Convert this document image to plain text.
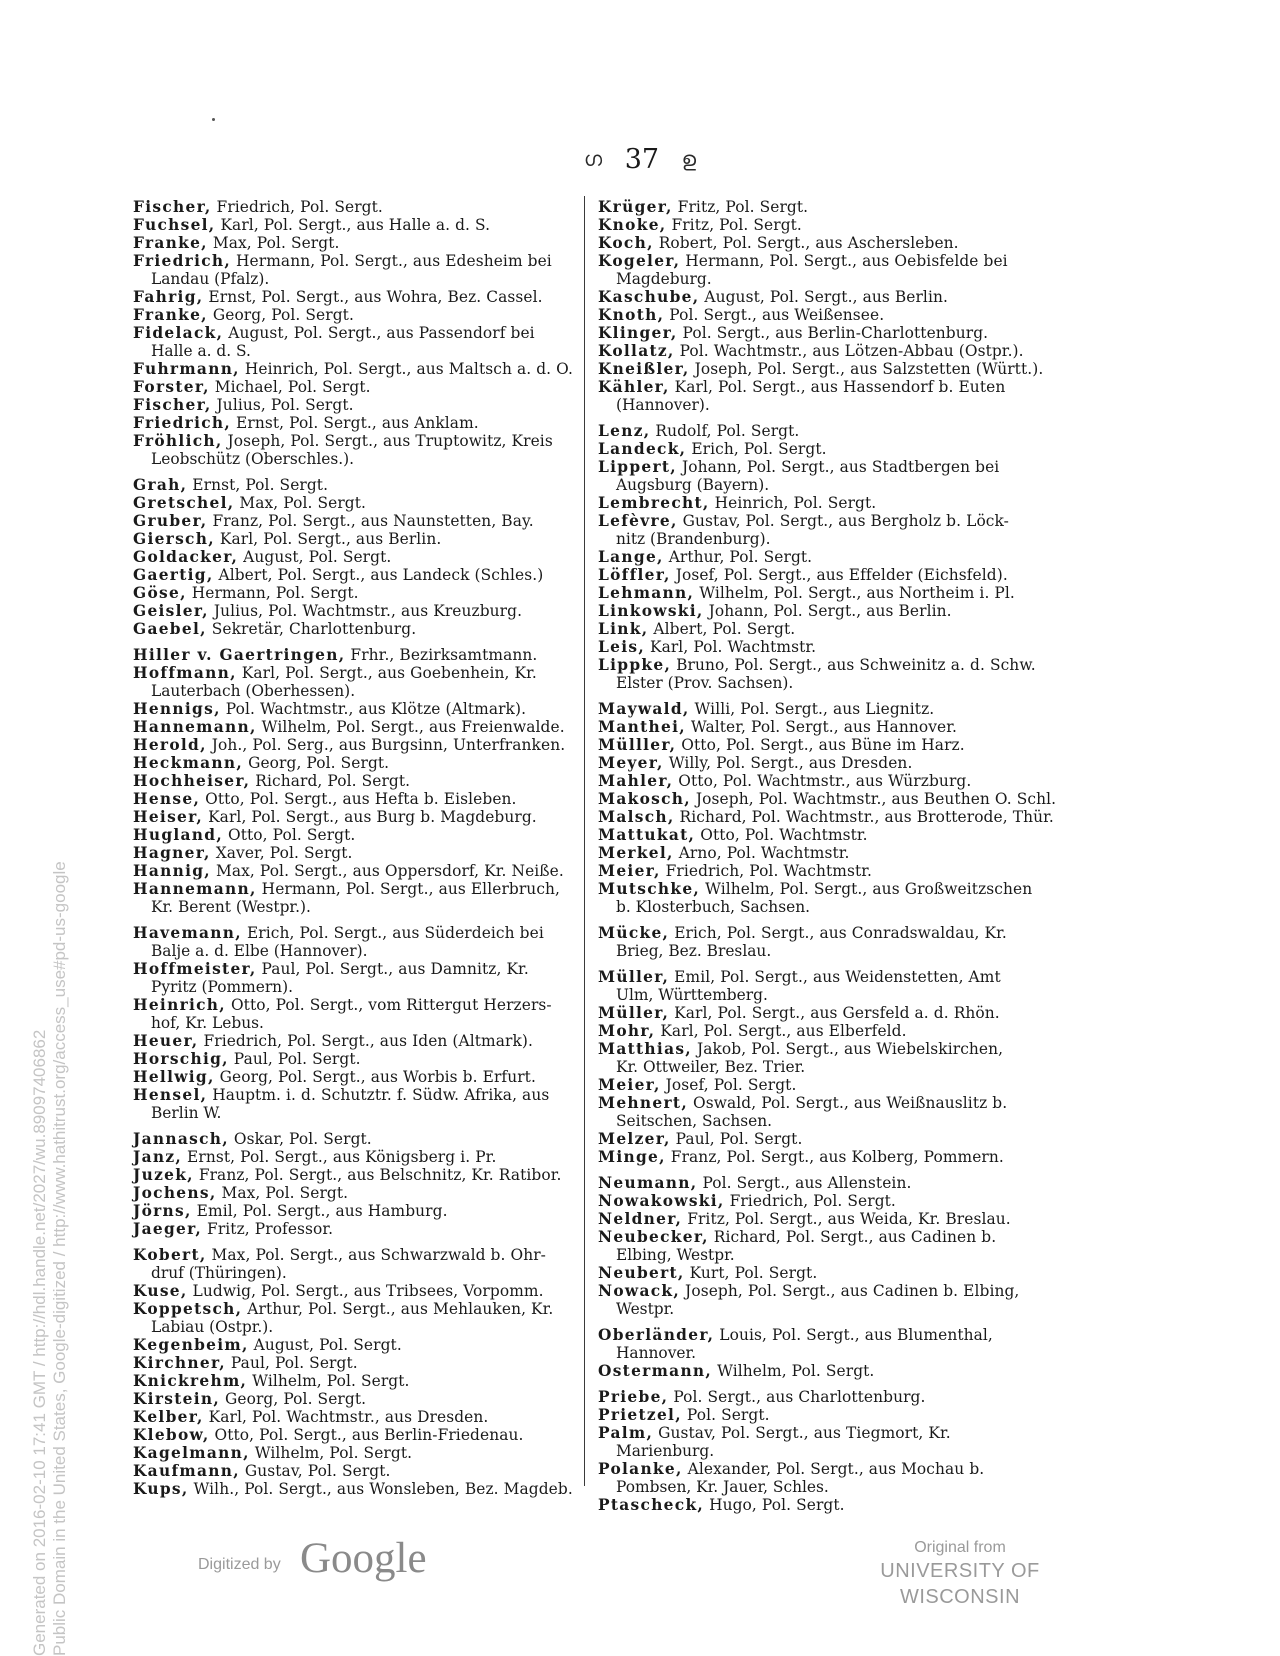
ഗ 37 ഉ
Fischer, Friedrich, Pol. Sergt.
Fuchsel, Karl, Pol. Sergt., aus Halle a. d. S.
Franke, Max, Pol. Sergt.
Friedrich, Hermann, Pol. Sergt., aus Edesheim bei
Landau (Pfalz).
Fahrig, Ernst, Pol. Sergt., aus Wohra, Bez. Cassel.
Franke, Georg, Pol. Sergt.
Fidelack, August, Pol. Sergt., aus Passendorf bei
Halle a. d. S.
Fuhrmann, Heinrich, Pol. Sergt., aus Maltsch a. d. O.
Forster, Michael, Pol. Sergt.
Fischer, Julius, Pol. Sergt.
Friedrich, Ernst, Pol. Sergt., aus Anklam.
Fröhlich, Joseph, Pol. Sergt., aus Truptowitz, Kreis
Leobschütz (Oberschles.).
Grah, Ernst, Pol. Sergt.
Gretschel, Max, Pol. Sergt.
Gruber, Franz, Pol. Sergt., aus Naunstetten, Bay.
Giersch, Karl, Pol. Sergt., aus Berlin.
Goldacker, August, Pol. Sergt.
Gaertig, Albert, Pol. Sergt., aus Landeck (Schles.)
Göse, Hermann, Pol. Sergt.
Geisler, Julius, Pol. Wachtmstr., aus Kreuzburg.
Gaebel, Sekretär, Charlottenburg.
Hiller v. Gaertringen, Frhr., Bezirksamtmann.
Hoffmann, Karl, Pol. Sergt., aus Goebenhein, Kr.
Lauterbach (Oberhessen).
Hennigs, Pol. Wachtmstr., aus Klötze (Altmark).
Hannemann, Wilhelm, Pol. Sergt., aus Freienwalde.
Herold, Joh., Pol. Serg., aus Burgsinn, Unterfranken.
Heckmann, Georg, Pol. Sergt.
Hochheiser, Richard, Pol. Sergt.
Hense, Otto, Pol. Sergt., aus Hefta b. Eisleben.
Heiser, Karl, Pol. Sergt., aus Burg b. Magdeburg.
Hugland, Otto, Pol. Sergt.
Hagner, Xaver, Pol. Sergt.
Hannig, Max, Pol. Sergt., aus Oppersdorf, Kr. Neiße.
Hannemann, Hermann, Pol. Sergt., aus Ellerbruch,
Kr. Berent (Westpr.).
Havemann, Erich, Pol. Sergt., aus Süderdeich bei
Balje a. d. Elbe (Hannover).
Hoffmeister, Paul, Pol. Sergt., aus Damnitz, Kr.
Pyritz (Pommern).
Heinrich, Otto, Pol. Sergt., vom Rittergut Herzers-
hof, Kr. Lebus.
Heuer, Friedrich, Pol. Sergt., aus Iden (Altmark).
Horschig, Paul, Pol. Sergt.
Hellwig, Georg, Pol. Sergt., aus Worbis b. Erfurt.
Hensel, Hauptm. i. d. Schutztr. f. Südw. Afrika, aus
Berlin W.
Jannasch, Oskar, Pol. Sergt.
Janz, Ernst, Pol. Sergt., aus Königsberg i. Pr.
Juzek, Franz, Pol. Sergt., aus Belschnitz, Kr. Ratibor.
Jochens, Max, Pol. Sergt.
Jörns, Emil, Pol. Sergt., aus Hamburg.
Jaeger, Fritz, Professor.
Kobert, Max, Pol. Sergt., aus Schwarzwald b. Ohr-
druf (Thüringen).
Kuse, Ludwig, Pol. Sergt., aus Tribsees, Vorpomm.
Koppetsch, Arthur, Pol. Sergt., aus Mehlauken, Kr.
Labiau (Ostpr.).
Kegenbeim, August, Pol. Sergt.
Kirchner, Paul, Pol. Sergt.
Knickrehm, Wilhelm, Pol. Sergt.
Kirstein, Georg, Pol. Sergt.
Kelber, Karl, Pol. Wachtmstr., aus Dresden.
Klebow, Otto, Pol. Sergt., aus Berlin-Friedenau.
Kagelmann, Wilhelm, Pol. Sergt.
Kaufmann, Gustav, Pol. Sergt.
Kups, Wilh., Pol. Sergt., aus Wonsleben, Bez. Magdeb.
Krüger, Fritz, Pol. Sergt.
Knoke, Fritz, Pol. Sergt.
Koch, Robert, Pol. Sergt., aus Aschersleben.
Kogeler, Hermann, Pol. Sergt., aus Oebisfelde bei
Magdeburg.
Kaschube, August, Pol. Sergt., aus Berlin.
Knoth, Pol. Sergt., aus Weißensee.
Klinger, Pol. Sergt., aus Berlin-Charlottenburg.
Kollatz, Pol. Wachtmstr., aus Lötzen-Abbau (Ostpr.).
Kneißler, Joseph, Pol. Sergt., aus Salzstetten (Württ.).
Kähler, Karl, Pol. Sergt., aus Hassendorf b. Euten
(Hannover).
Lenz, Rudolf, Pol. Sergt.
Landeck, Erich, Pol. Sergt.
Lippert, Johann, Pol. Sergt., aus Stadtbergen bei
Augsburg (Bayern).
Lembrecht, Heinrich, Pol. Sergt.
Lefèvre, Gustav, Pol. Sergt., aus Bergholz b. Löck-
nitz (Brandenburg).
Lange, Arthur, Pol. Sergt.
Löffler, Josef, Pol. Sergt., aus Effelder (Eichsfeld).
Lehmann, Wilhelm, Pol. Sergt., aus Northeim i. Pl.
Linkowski, Johann, Pol. Sergt., aus Berlin.
Link, Albert, Pol. Sergt.
Leis, Karl, Pol. Wachtmstr.
Lippke, Bruno, Pol. Sergt., aus Schweinitz a. d. Schw.
Elster (Prov. Sachsen).
Maywald, Willi, Pol. Sergt., aus Liegnitz.
Manthei, Walter, Pol. Sergt., aus Hannover.
Mülller, Otto, Pol. Sergt., aus Büne im Harz.
Meyer, Willy, Pol. Sergt., aus Dresden.
Mahler, Otto, Pol. Wachtmstr., aus Würzburg.
Makosch, Joseph, Pol. Wachtmstr., aus Beuthen O. Schl.
Malsch, Richard, Pol. Wachtmstr., aus Brotterode, Thür.
Mattukat, Otto, Pol. Wachtmstr.
Merkel, Arno, Pol. Wachtmstr.
Meier, Friedrich, Pol. Wachtmstr.
Mutschke, Wilhelm, Pol. Sergt., aus Großweitzschen
b. Klosterbuch, Sachsen.
Mücke, Erich, Pol. Sergt., aus Conradswaldau, Kr.
Brieg, Bez. Breslau.
Müller, Emil, Pol. Sergt., aus Weidenstetten, Amt
Ulm, Württemberg.
Müller, Karl, Pol. Sergt., aus Gersfeld a. d. Rhön.
Mohr, Karl, Pol. Sergt., aus Elberfeld.
Matthias, Jakob, Pol. Sergt., aus Wiebelskirchen,
Kr. Ottweiler, Bez. Trier.
Meier, Josef, Pol. Sergt.
Mehnert, Oswald, Pol. Sergt., aus Weißnauslitz b.
Seitschen, Sachsen.
Melzer, Paul, Pol. Sergt.
Minge, Franz, Pol. Sergt., aus Kolberg, Pommern.
Neumann, Pol. Sergt., aus Allenstein.
Nowakowski, Friedrich, Pol. Sergt.
Neldner, Fritz, Pol. Sergt., aus Weida, Kr. Breslau.
Neubecker, Richard, Pol. Sergt., aus Cadinen b.
Elbing, Westpr.
Neubert, Kurt, Pol. Sergt.
Nowack, Joseph, Pol. Sergt., aus Cadinen b. Elbing,
Westpr.
Oberländer, Louis, Pol. Sergt., aus Blumenthal,
Hannover.
Ostermann, Wilhelm, Pol. Sergt.
Priebe, Pol. Sergt., aus Charlottenburg.
Prietzel, Pol. Sergt.
Palm, Gustav, Pol. Sergt., aus Tiegmort, Kr.
Marienburg.
Polanke, Alexander, Pol. Sergt., aus Mochau b.
Pombsen, Kr. Jauer, Schles.
Ptascheck, Hugo, Pol. Sergt.
Digitized by Google	Original from
UNIVERSITY OF WISCONSIN
Generated on 2016-02-10 17:41 GMT / http://hdl.handle.net/2027/wu.89097406862 Public Domain in the United States, Google-digitized / http://www.hathitrust.org/access_use#pd-us-google
